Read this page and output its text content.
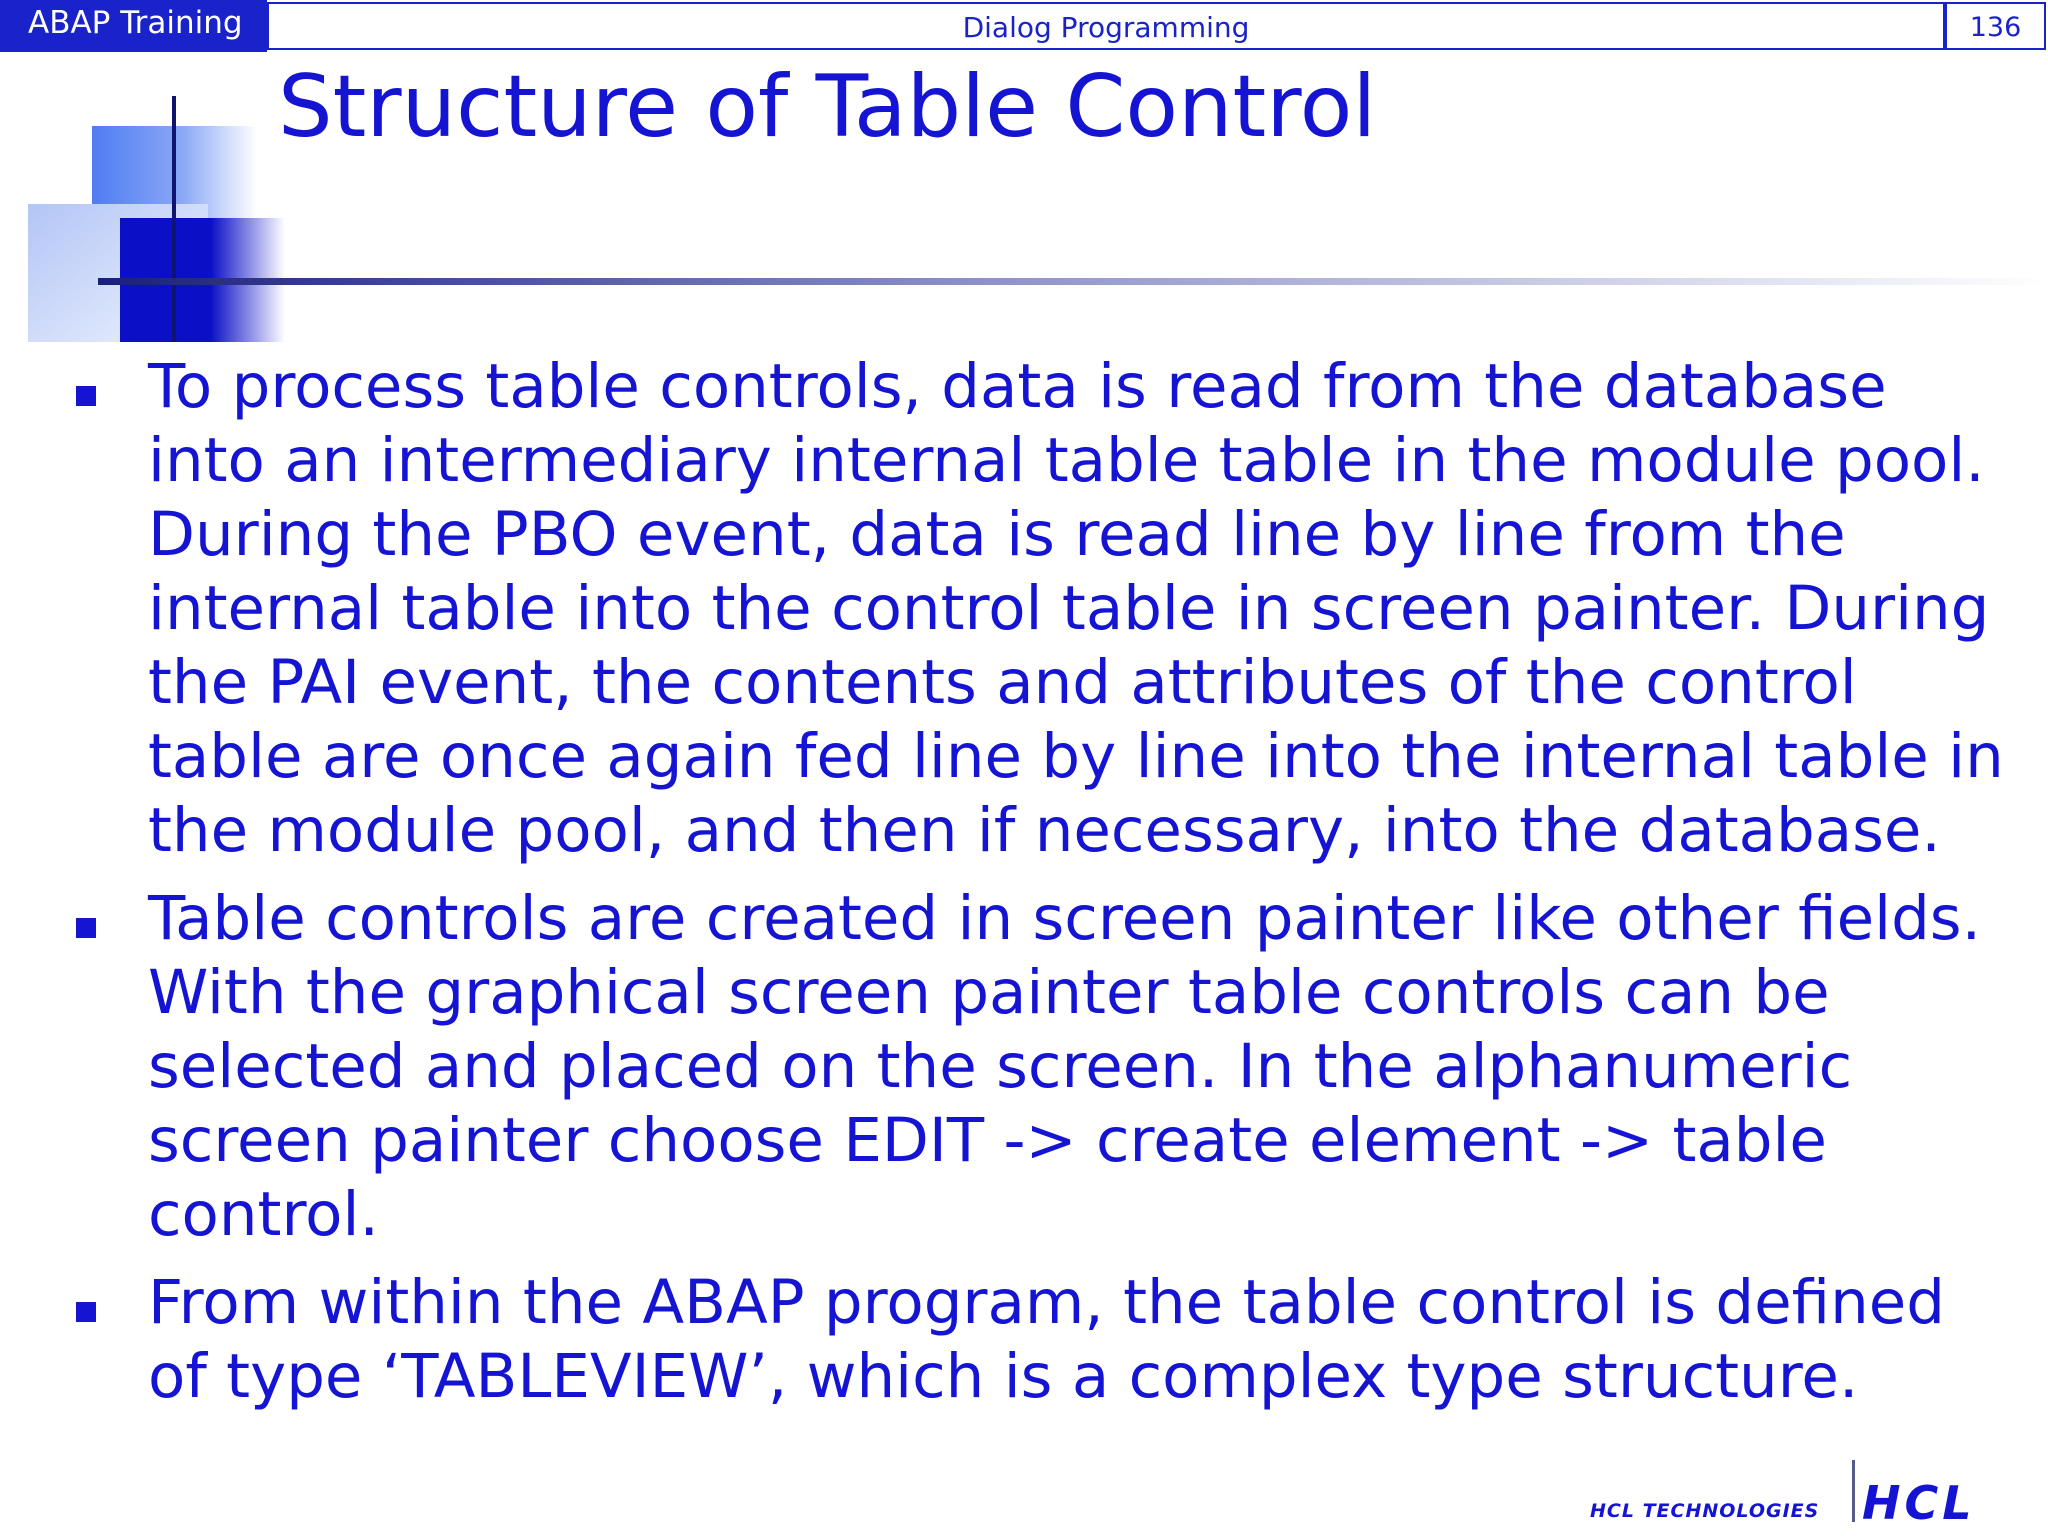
ABAP Training	Dialog Programming	136
Structure of Table Control
To process table controls, data is read from the database
into an intermediary internal table table in the module pool.
During the PBO event, data is read line by line from the
internal table into the control table in screen painter. During
the PAI event, the contents and attributes of the control
table are once again fed line by line into the internal table in
the module pool, and then if necessary, into the database.
Table controls are created in screen painter like other fields.
With the graphical screen painter table controls can be
selected and placed on the screen. In the alphanumeric
screen painter choose EDIT -> create element -> table
control.
From within the ABAP program, the table control is defined
of type ‘TABLEVIEW’, which is a complex type structure.
HCL TECHNOLOGIES HCL
